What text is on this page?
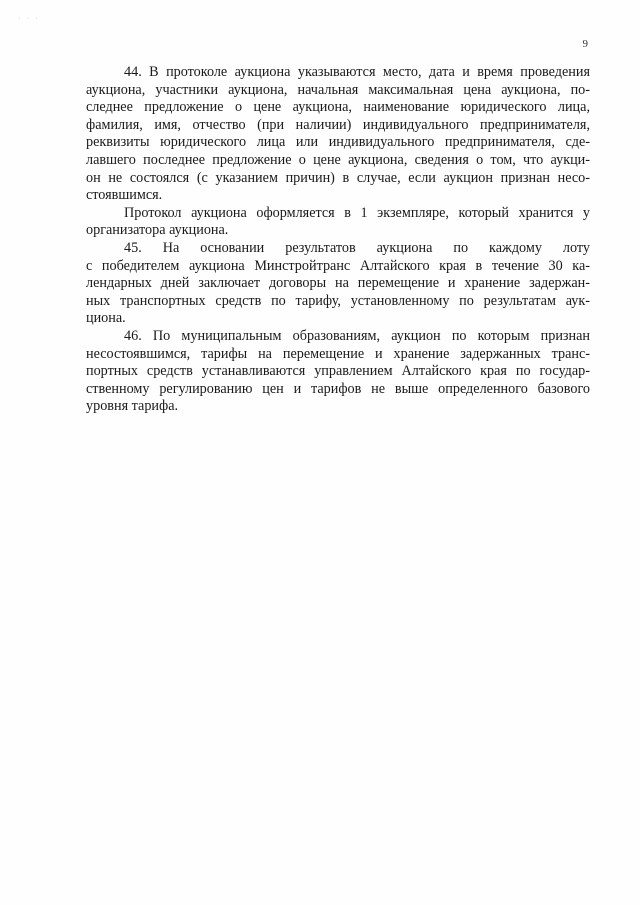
· · ·
9
44. В протоколе аукциона указываются место, дата и время проведения
аукциона, участники аукциона, начальная максимальная цена аукциона, по-
следнее предложение о цене аукциона, наименование юридического лица,
фамилия, имя, отчество (при наличии) индивидуального предпринимателя,
реквизиты юридического лица или индивидуального предпринимателя, сде-
лавшего последнее предложение о цене аукциона, сведения о том, что аукци-
он не состоялся (с указанием причин) в случае, если аукцион признан несо-
стоявшимся.
Протокол аукциона оформляется в 1 экземпляре, который хранится у
организатора аукциона.
45. На основании результатов аукциона по каждому лоту
с победителем аукциона Минстройтранс Алтайского края в течение 30 ка-
лендарных дней заключает договоры на перемещение и хранение задержан-
ных транспортных средств по тарифу, установленному по результатам аук-
циона.
46. По муниципальным образованиям, аукцион по которым признан
несостоявшимся, тарифы на перемещение и хранение задержанных транс-
портных средств устанавливаются управлением Алтайского края по государ-
ственному регулированию цен и тарифов не выше определенного базового
уровня тарифа.
